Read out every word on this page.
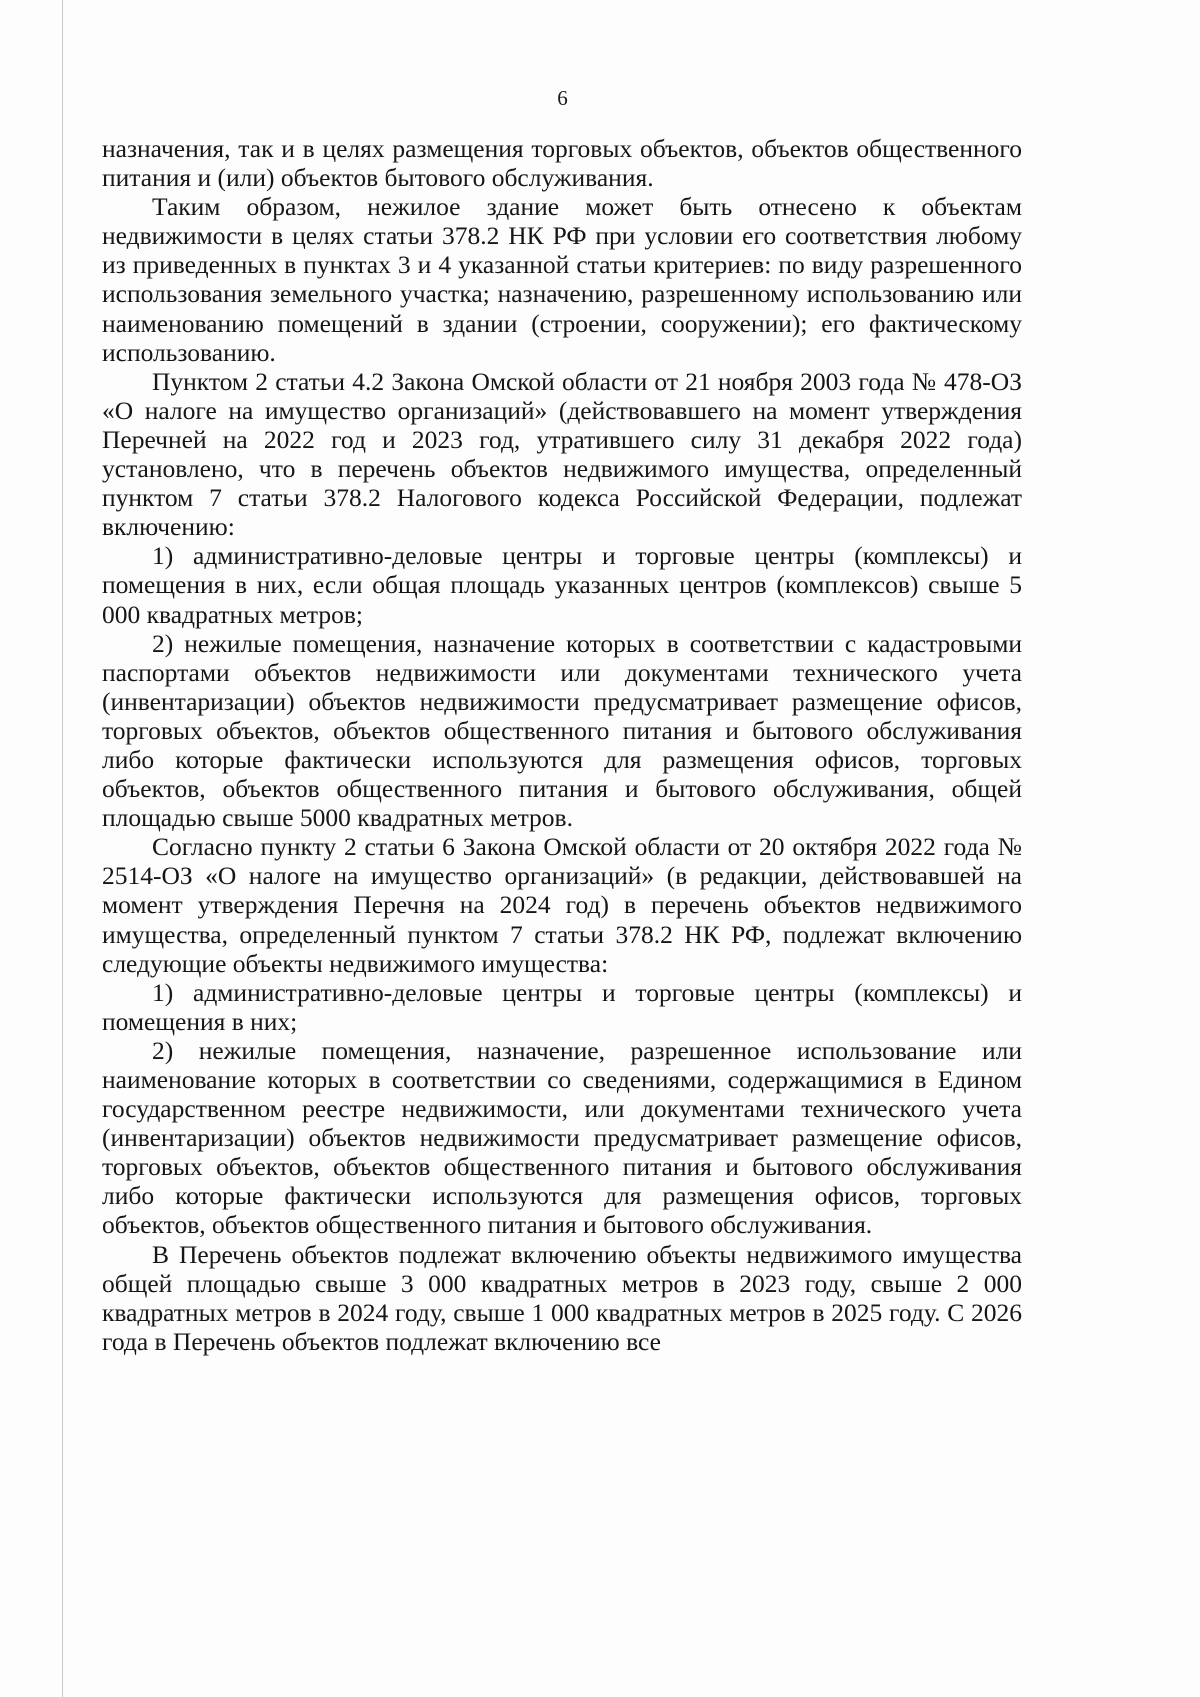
6

назначения, так и в целях размещения торговых объектов, объектов общественного питания и (или) объектов бытового обслуживания.

Таким образом, нежилое здание может быть отнесено к объектам недвижимости в целях статьи 378.2 НК РФ при условии его соответствия любому из приведенных в пунктах 3 и 4 указанной статьи критериев: по виду разрешенного использования земельного участка; назначению, разрешенному использованию или наименованию помещений в здании (строении, сооружении); его фактическому использованию.

Пунктом 2 статьи 4.2 Закона Омской области от 21 ноября 2003 года № 478-ОЗ «О налоге на имущество организаций» (действовавшего на момент утверждения Перечней на 2022 год и 2023 год, утратившего силу 31 декабря 2022 года) установлено, что в перечень объектов недвижимого имущества, определенный пунктом 7 статьи 378.2 Налогового кодекса Российской Федерации, подлежат включению:

1) административно-деловые центры и торговые центры (комплексы) и помещения в них, если общая площадь указанных центров (комплексов) свыше 5 000 квадратных метров;

2) нежилые помещения, назначение которых в соответствии с кадастровыми паспортами объектов недвижимости или документами технического учета (инвентаризации) объектов недвижимости предусматривает размещение офисов, торговых объектов, объектов общественного питания и бытового обслуживания либо которые фактически используются для размещения офисов, торговых объектов, объектов общественного питания и бытового обслуживания, общей площадью свыше 5000 квадратных метров.

Согласно пункту 2 статьи 6 Закона Омской области от 20 октября 2022 года № 2514-ОЗ «О налоге на имущество организаций» (в редакции, действовавшей на момент утверждения Перечня на 2024 год) в перечень объектов недвижимого имущества, определенный пунктом 7 статьи 378.2 НК РФ, подлежат включению следующие объекты недвижимого имущества:

1) административно-деловые центры и торговые центры (комплексы) и помещения в них;

2) нежилые помещения, назначение, разрешенное использование или наименование которых в соответствии со сведениями, содержащимися в Едином государственном реестре недвижимости, или документами технического учета (инвентаризации) объектов недвижимости предусматривает размещение офисов, торговых объектов, объектов общественного питания и бытового обслуживания либо которые фактически используются для размещения офисов, торговых объектов, объектов общественного питания и бытового обслуживания.

В Перечень объектов подлежат включению объекты недвижимого имущества общей площадью свыше 3 000 квадратных метров в 2023 году, свыше 2 000 квадратных метров в 2024 году, свыше 1 000 квадратных метров в 2025 году. С 2026 года в Перечень объектов подлежат включению все
